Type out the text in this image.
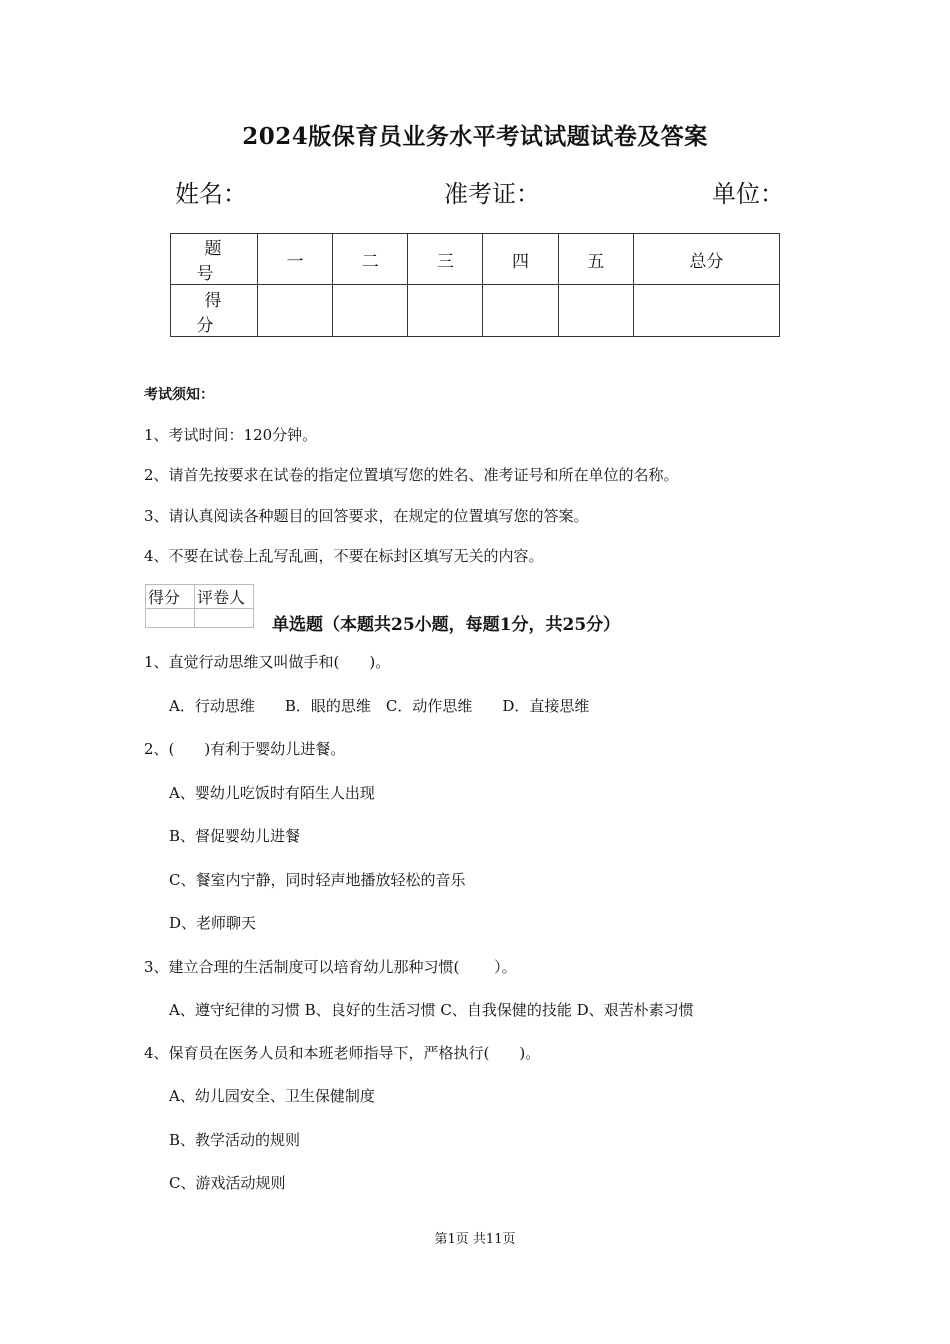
2024版保育员业务水平考试试题试卷及答案
姓名：	准考证：	单位：
题 号	一	二	三	四	五	总分
得 分						
考试须知：
1、考试时间：120分钟。
2、请首先按要求在试卷的指定位置填写您的姓名、准考证号和所在单位的名称。
3、请认真阅读各种题目的回答要求，在规定的位置填写您的答案。
4、不要在试卷上乱写乱画，不要在标封区填写无关的内容。
得分	评卷人

单选题（本题共25小题，每题1分，共25分）
1、直觉行动思维又叫做手和(　　)。
A．行动思维　　B．眼的思维　C．动作思维　　D．直接思维
2、(　　)有利于婴幼儿进餐。
A、婴幼儿吃饭时有陌生人出现
B、督促婴幼儿进餐
C、餐室内宁静，同时轻声地播放轻松的音乐
D、老师聊天
3、建立合理的生活制度可以培育幼儿那种习惯(　　 ）。
A、遵守纪律的习惯 B、良好的生活习惯 C、自我保健的技能 D、艰苦朴素习惯
4、保育员在医务人员和本班老师指导下，严格执行(　　)。
A、幼儿园安全、卫生保健制度
B、教学活动的规则
C、游戏活动规则
第1页 共11页
